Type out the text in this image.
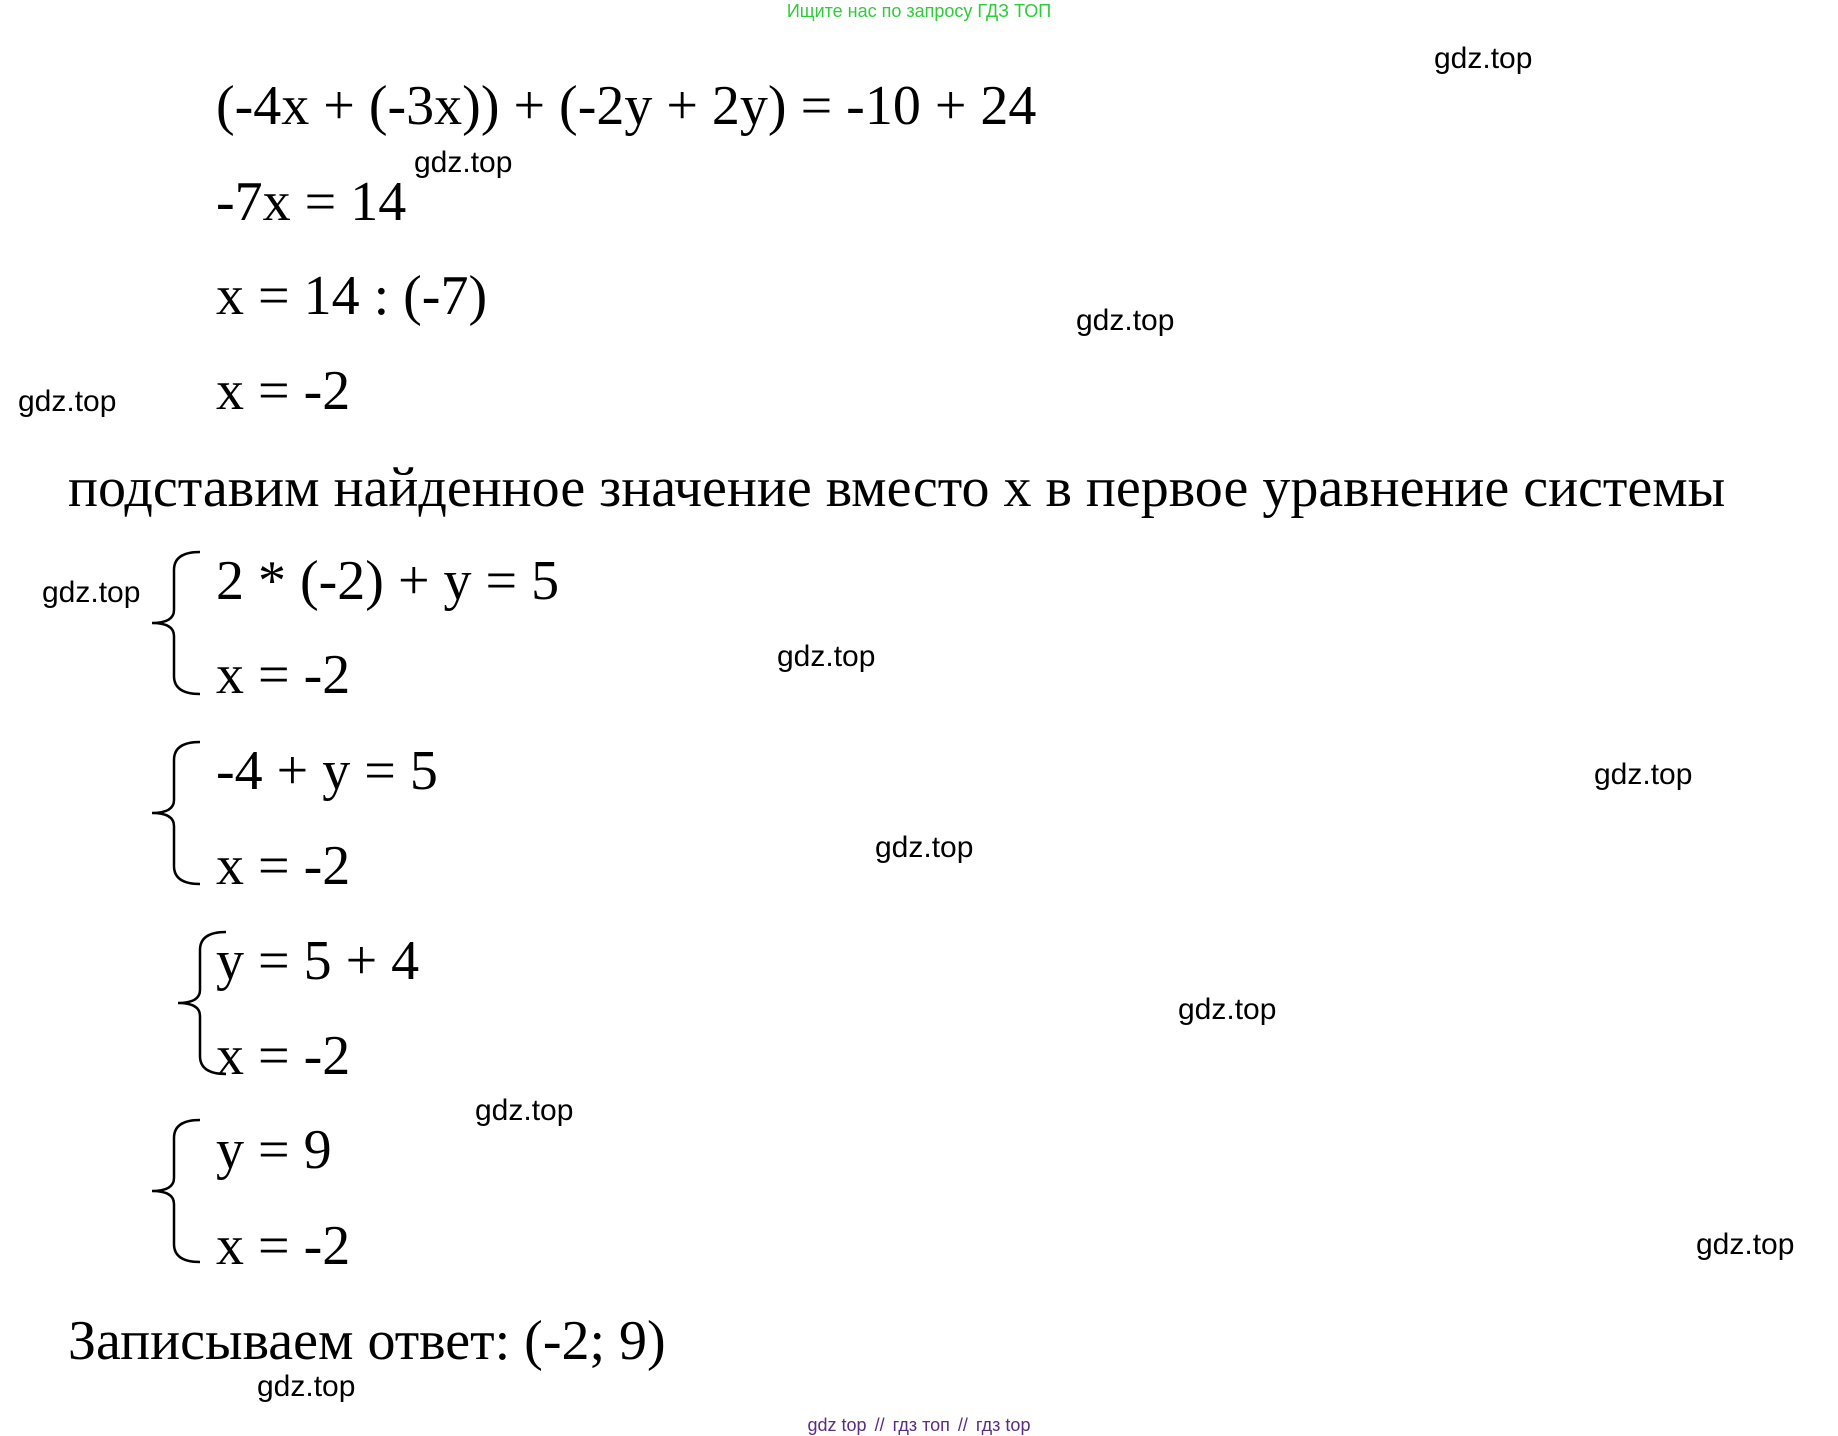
Ищите нас по запросу ГДЗ ТОП
(-4x + (-3x)) + (-2y + 2y) = -10 + 24
-7x = 14
x = 14 : (-7)
x = -2
подставим найденное значение вместо x в первое уравнение системы
2 * (-2) + y = 5
x = -2
-4 + y = 5
x = -2
y = 5 + 4
x = -2
y = 9
x = -2
Записываем ответ: (-2; 9)
gdz.top
gdz.top
gdz.top
gdz.top
gdz.top
gdz.top
gdz.top
gdz.top
gdz.top
gdz.top
gdz.top
gdz.top
gdz top // гдз топ // гдз top
